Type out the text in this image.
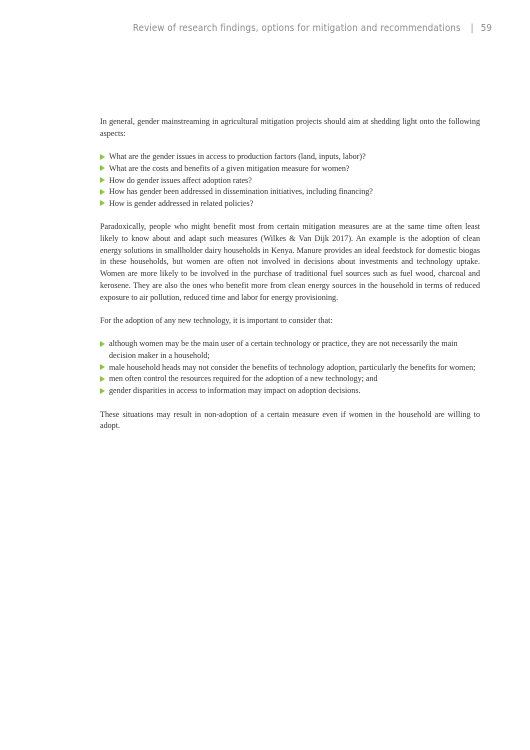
Review of research findings, options for mitigation and recommendations | 59

In general, gender mainstreaming in agricultural mitigation projects should aim at shedding light onto the following aspects:

What are the gender issues in access to production factors (land, inputs, labor)?
What are the costs and benefits of a given mitigation measure for women?
How do gender issues affect adoption rates?
How has gender been addressed in dissemination initiatives, including financing?
How is gender addressed in related policies?

Paradoxically, people who might benefit most from certain mitigation measures are at the same time often least likely to know about and adapt such measures (Wilkes & Van Dijk 2017). An example is the adoption of clean energy solutions in smallholder dairy households in Kenya. Manure provides an ideal feedstock for domestic biogas in these households, but women are often not involved in decisions about investments and technology uptake. Women are more likely to be involved in the purchase of traditional fuel sources such as fuel wood, charcoal and kerosene. They are also the ones who benefit more from clean energy sources in the household in terms of reduced exposure to air pollution, reduced time and labor for energy provisioning.

For the adoption of any new technology, it is important to consider that:

although women may be the main user of a certain technology or practice, they are not necessarily the main decision maker in a household;
male household heads may not consider the benefits of technology adoption, particularly the benefits for women;
men often control the resources required for the adoption of a new technology; and
gender disparities in access to information may impact on adoption decisions.

These situations may result in non-adoption of a certain measure even if women in the household are willing to adopt.
